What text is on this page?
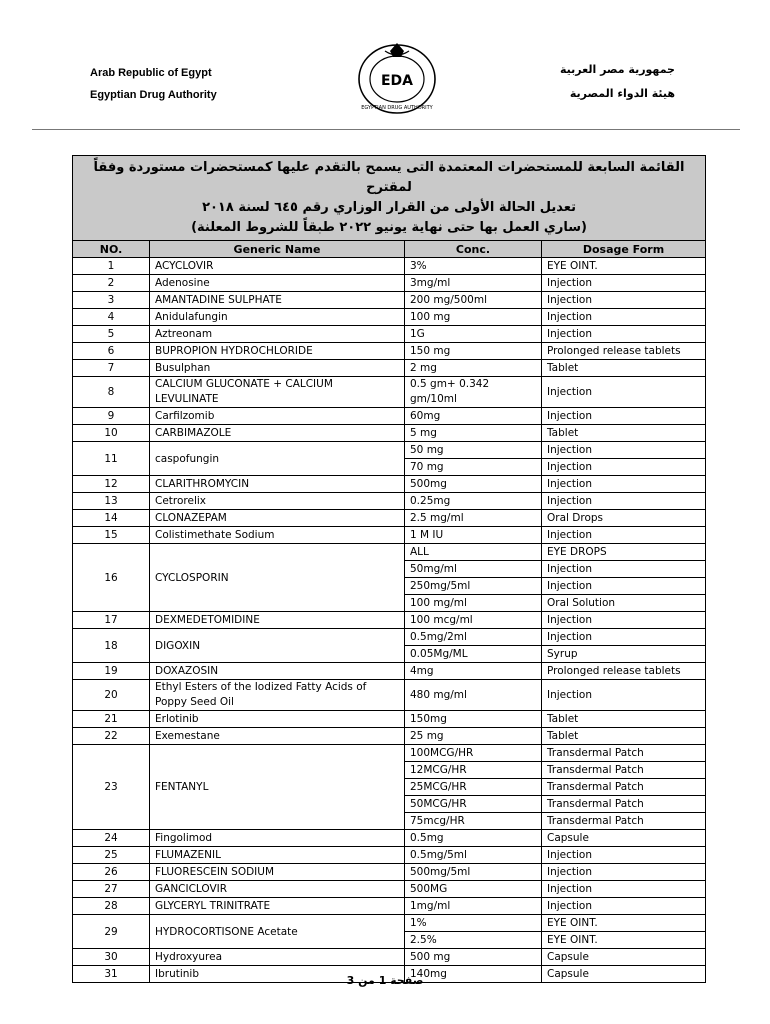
Arab Republic of Egypt
Egyptian Drug Authority
EDA
EGYPTIAN DRUG AUTHORITY
جمهورية مصر العربية
هيئة الدواء المصرية
القائمة السابعة للمستحضرات المعتمدة التى يسمح بالتقدم عليها كمستحضرات مستوردة وفقاً لمقترح
تعديل الحالة الأولى من القرار الوزاري رقم ٦٤٥ لسنة ٢٠١٨
(ساري العمل بها حتى نهاية يونيو ٢٠٢٢ طبقاً للشروط المعلنة)			

NO.	Generic Name	Conc.	Dosage Form
1	ACYCLOVIR	3%	EYE OINT.
2	Adenosine	3mg/ml	Injection
3	AMANTADINE SULPHATE	200 mg/500ml	Injection
4	Anidulafungin	100 mg	Injection
5	Aztreonam	1G	Injection
6	BUPROPION HYDROCHLORIDE	150 mg	Prolonged release tablets
7	Busulphan	2 mg	Tablet
8	CALCIUM GLUCONATE + CALCIUM LEVULINATE	0.5 gm+ 0.342 gm/10ml	Injection
9	Carfilzomib	60mg	Injection
10	CARBIMAZOLE	5 mg	Tablet
11	caspofungin	50 mg	Injection
		70 mg	Injection
12	CLARITHROMYCIN	500mg	Injection
13	Cetrorelix	0.25mg	Injection
14	CLONAZEPAM	2.5 mg/ml	Oral Drops
15	Colistimethate Sodium	1 M IU	Injection
16	CYCLOSPORIN	ALL	EYE DROPS
		50mg/ml	Injection
		250mg/5ml	Injection
		100 mg/ml	Oral Solution
17	DEXMEDETOMIDINE	100 mcg/ml	Injection
18	DIGOXIN	0.5mg/2ml	Injection
		0.05Mg/ML	Syrup
19	DOXAZOSIN	4mg	Prolonged release tablets
20	Ethyl Esters of the Iodized Fatty Acids of Poppy Seed Oil	480 mg/ml	Injection
21	Erlotinib	150mg	Tablet
22	Exemestane	25 mg	Tablet
23	FENTANYL	100MCG/HR	Transdermal Patch
		12MCG/HR	Transdermal Patch
		25MCG/HR	Transdermal Patch
		50MCG/HR	Transdermal Patch
		75mcg/HR	Transdermal Patch
24	Fingolimod	0.5mg	Capsule
25	FLUMAZENIL	0.5mg/5ml	Injection
26	FLUORESCEIN SODIUM	500mg/5ml	Injection
27	GANCICLOVIR	500MG	Injection
28	GLYCERYL TRINITRATE	1mg/ml	Injection
29	HYDROCORTISONE Acetate	1%	EYE OINT.
		2.5%	EYE OINT.
30	Hydroxyurea	500 mg	Capsule
31	Ibrutinib	140mg	Capsule
صفحة 1 من 3
